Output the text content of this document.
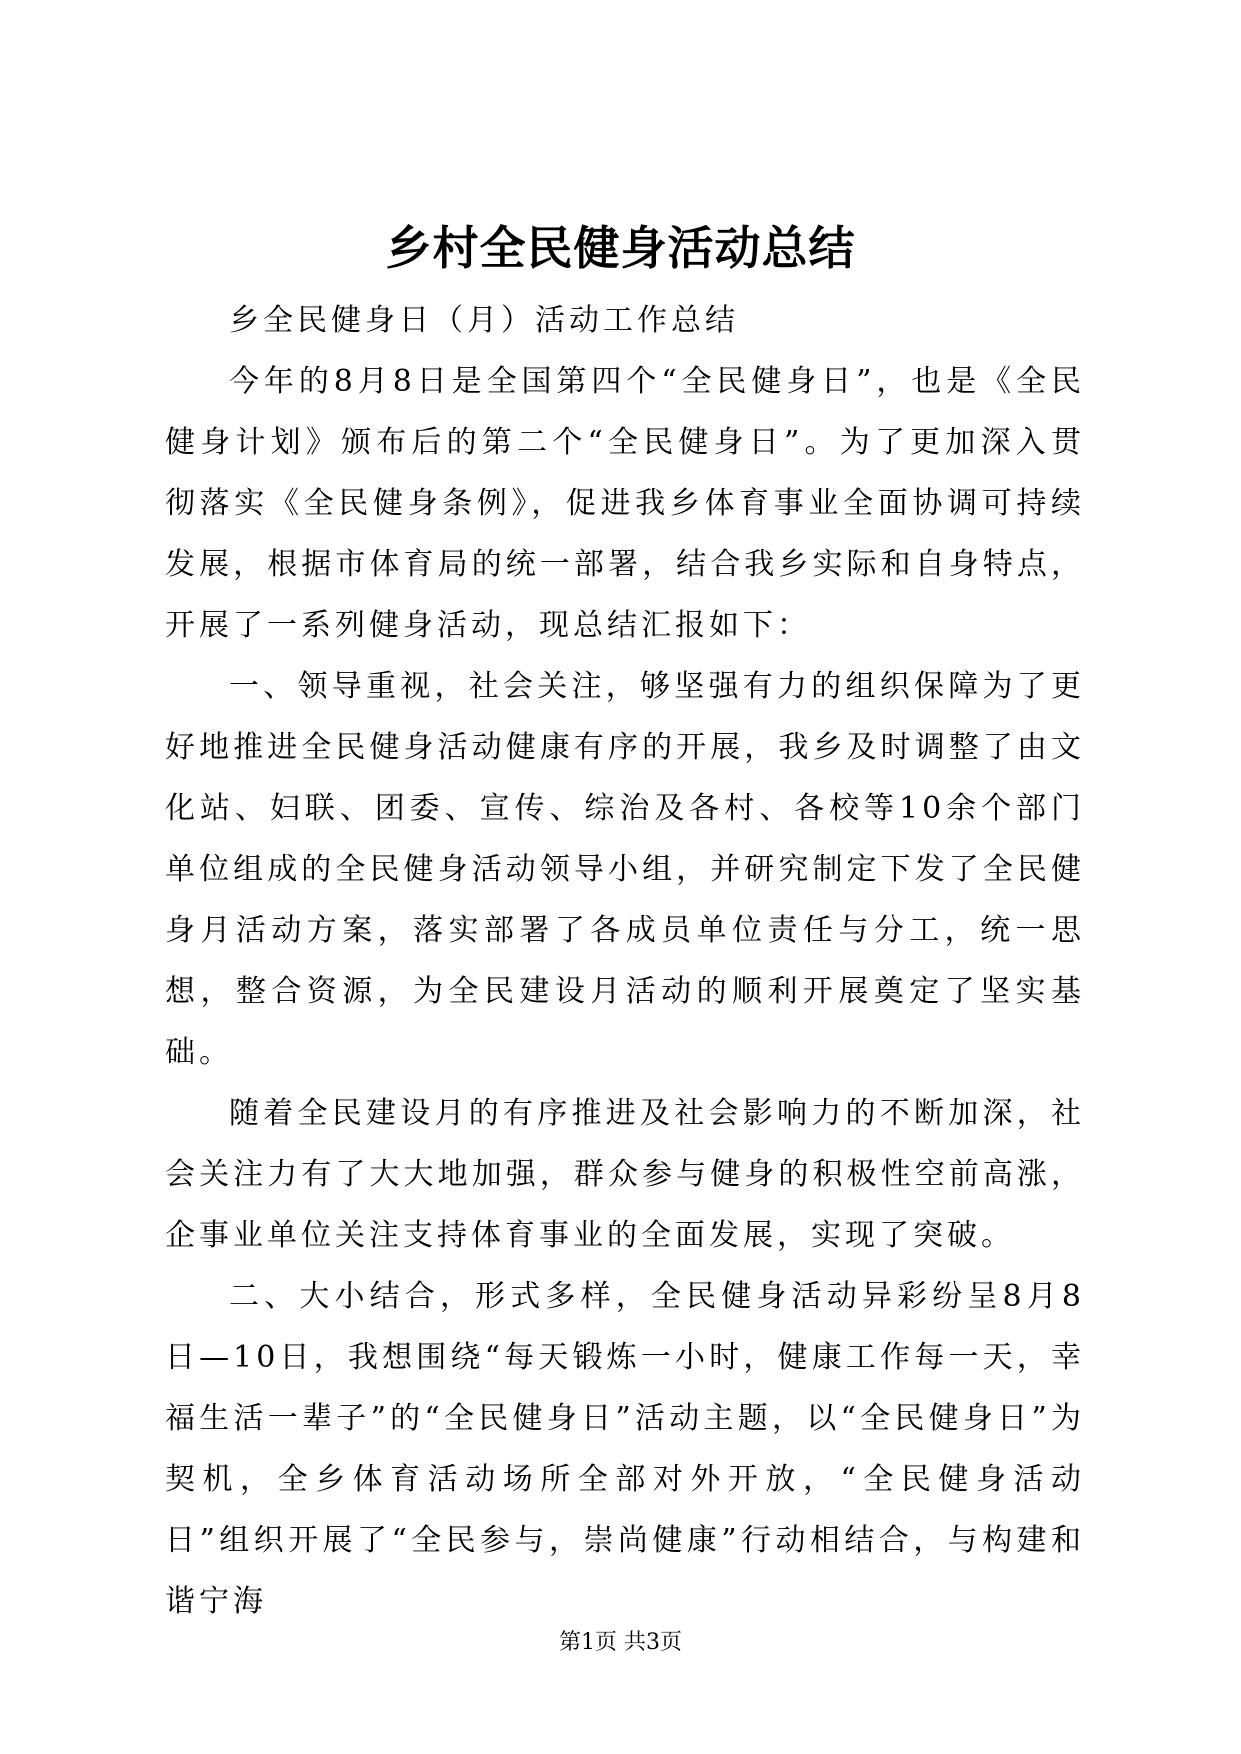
乡村全民健身活动总结

乡全民健身日（月）活动工作总结

今年的8月8日是全国第四个“全民健身日”，也是《全民健身计划》颁布后的第二个“全民健身日”。为了更加深入贯彻落实《全民健身条例》，促进我乡体育事业全面协调可持续发展，根据市体育局的统一部署，结合我乡实际和自身特点，开展了一系列健身活动，现总结汇报如下：

一、领导重视，社会关注，够坚强有力的组织保障为了更好地推进全民健身活动健康有序的开展，我乡及时调整了由文化站、妇联、团委、宣传、综治及各村、各校等10余个部门单位组成的全民健身活动领导小组，并研究制定下发了全民健身月活动方案，落实部署了各成员单位责任与分工，统一思想，整合资源，为全民建设月活动的顺利开展奠定了坚实基础。

随着全民建设月的有序推进及社会影响力的不断加深，社会关注力有了大大地加强，群众参与健身的积极性空前高涨，企事业单位关注支持体育事业的全面发展，实现了突破。

二、大小结合，形式多样，全民健身活动异彩纷呈8月8日—10日，我想围绕“每天锻炼一小时，健康工作每一天，幸福生活一辈子”的“全民健身日”活动主题，以“全民健身日”为契机，全乡体育活动场所全部对外开放，“全民健身活动日”组织开展了“全民参与，崇尚健康”行动相结合，与构建和谐宁海

第1页 共3页
